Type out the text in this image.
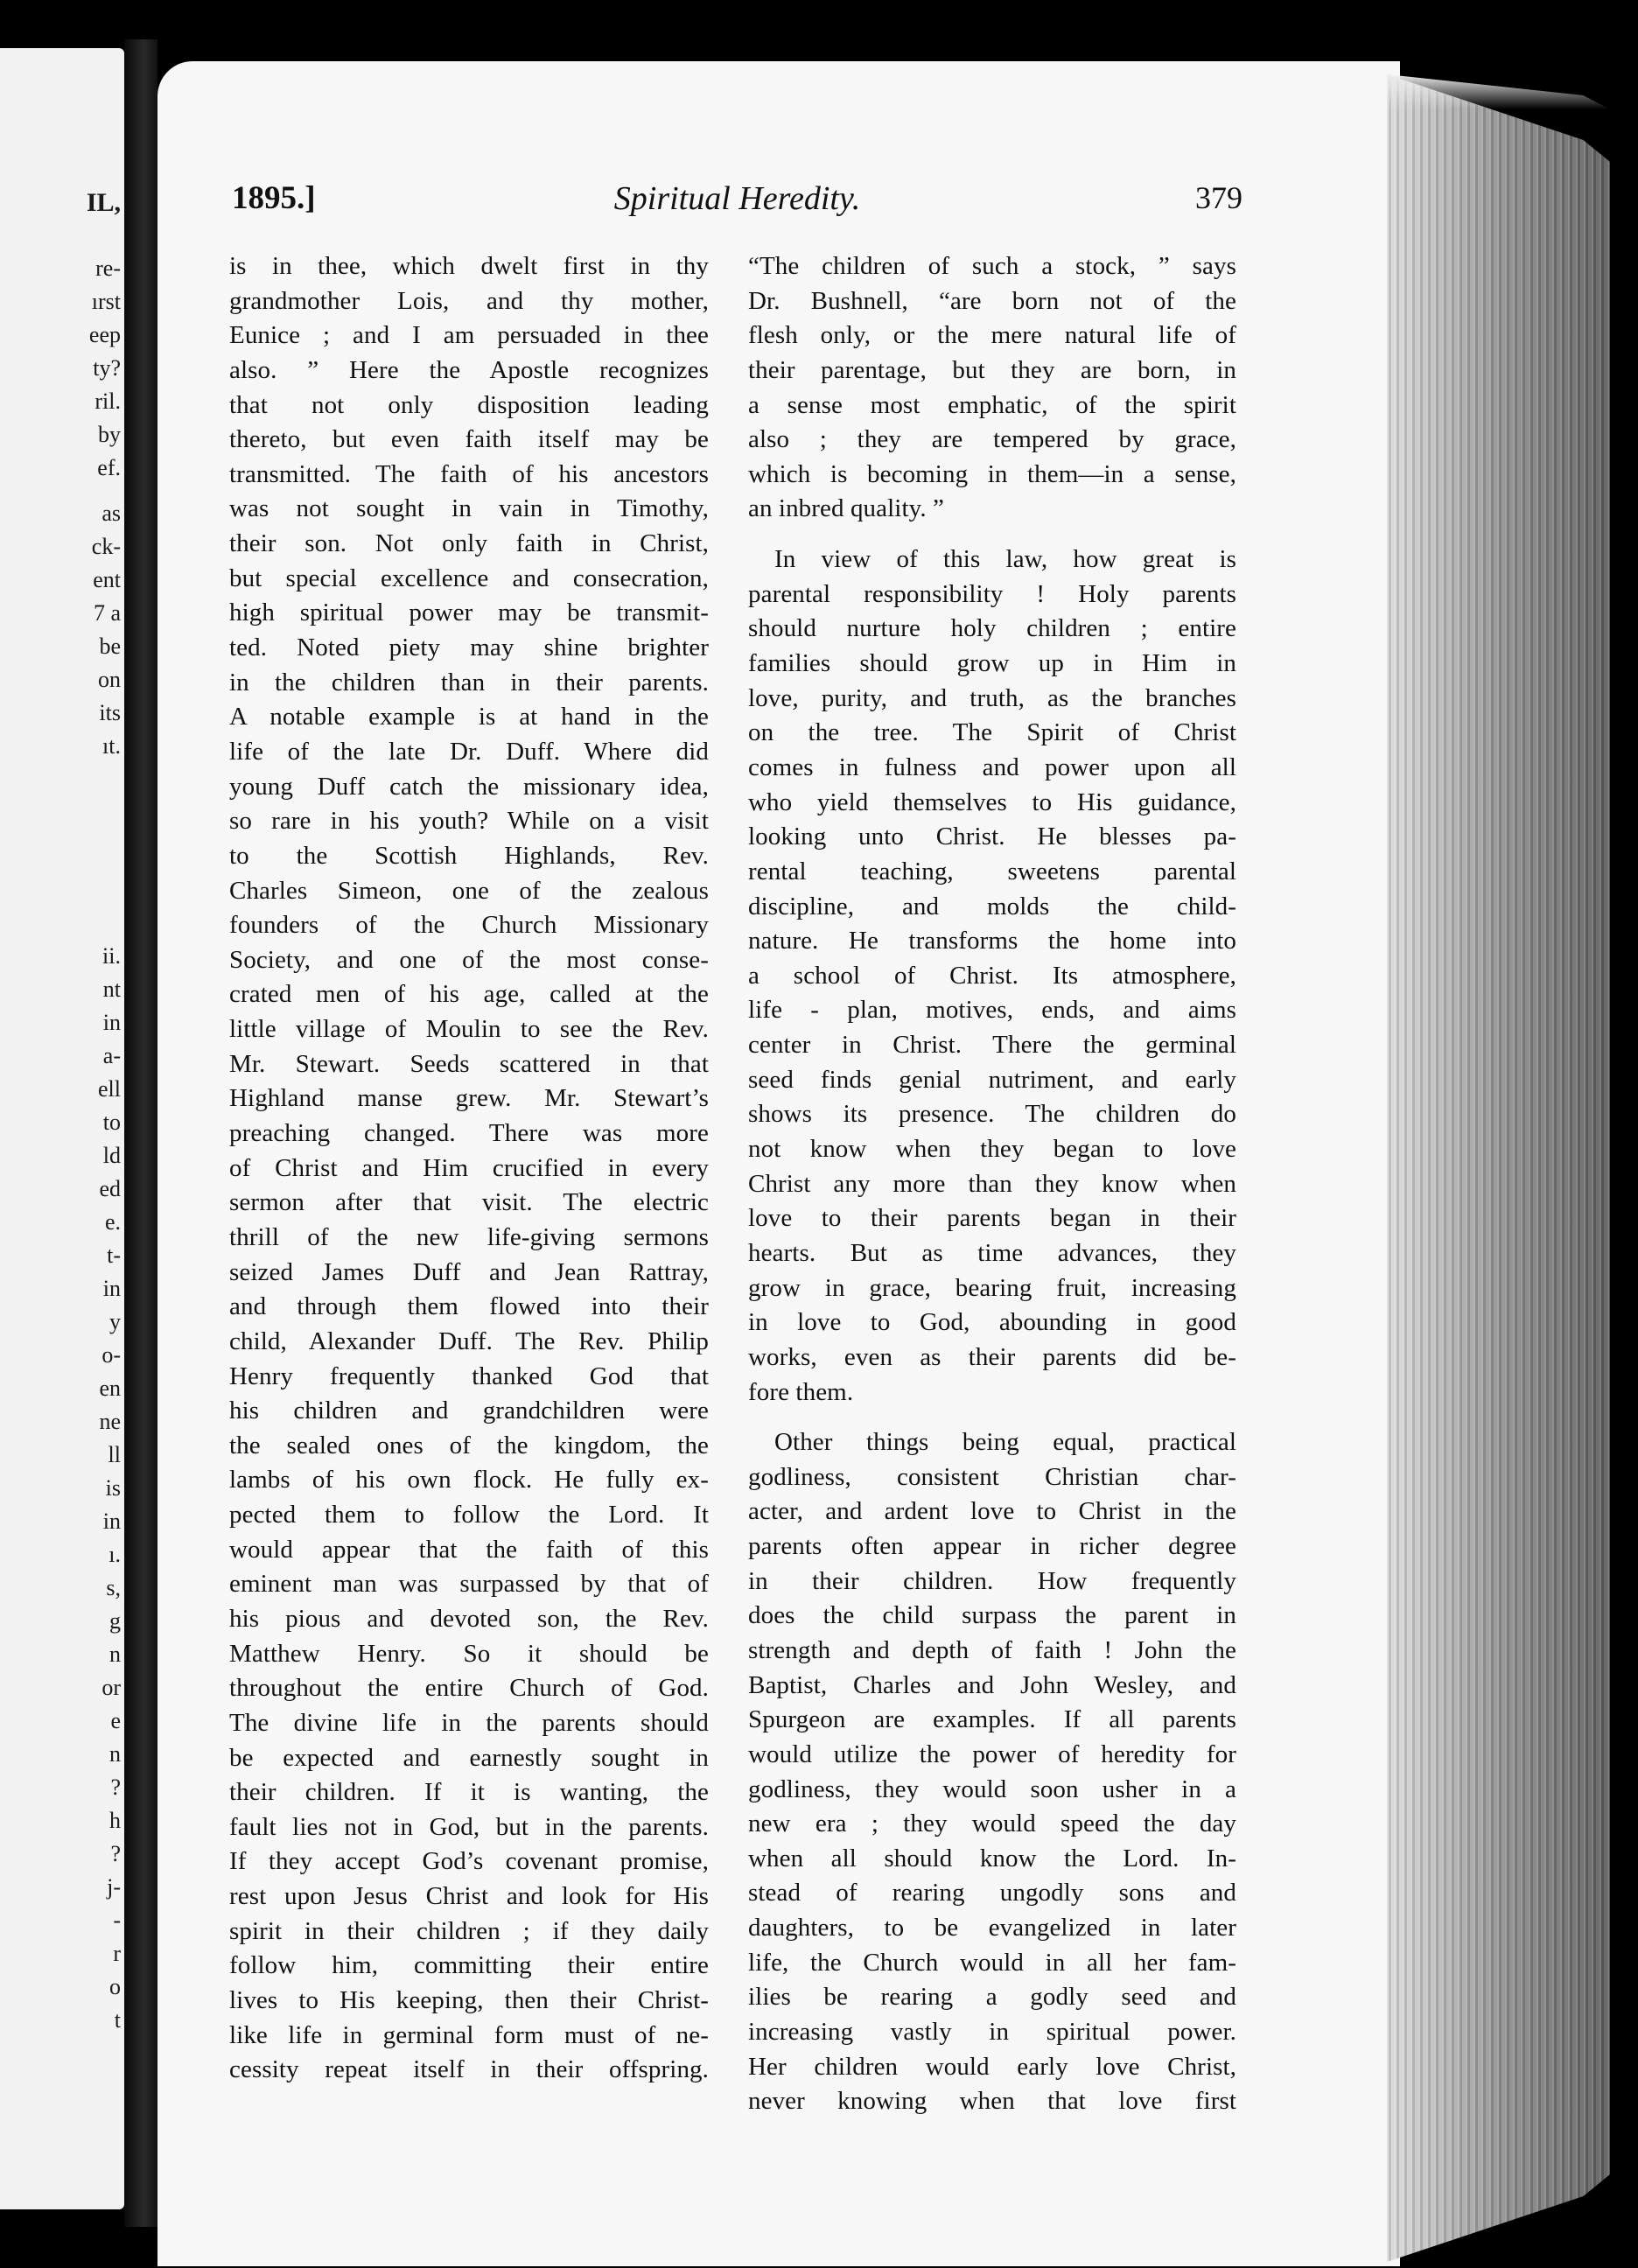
IL,
re-
ırst
eep
ty?
ril.
by
ef.
as
ck-
ent
7 a
be
on
its
ıt.
ii.
nt
in
a-
ell
to
ld
ed
e.
t-
in
y
o-
en
ne
ll
is
in
ı.
s,
g
n
or
e
n
?
h
?
j-
-
r
o
t
1895.]	Spiritual Heredity.	379
is in thee, which dwelt first in thy
grandmother Lois, and thy mother,
Eunice ; and I am persuaded in thee
also. ” Here the Apostle recognizes
that not only disposition leading
thereto, but even faith itself may be
transmitted. The faith of his ancestors
was not sought in vain in Timothy,
their son. Not only faith in Christ,
but special excellence and consecration,
high spiritual power may be transmit-
ted. Noted piety may shine brighter
in the children than in their parents.
A notable example is at hand in the
life of the late Dr. Duff. Where did
young Duff catch the missionary idea,
so rare in his youth? While on a visit
to the Scottish Highlands, Rev.
Charles Simeon, one of the zealous
founders of the Church Missionary
Society, and one of the most conse-
crated men of his age, called at the
little village of Moulin to see the Rev.
Mr. Stewart. Seeds scattered in that
Highland manse grew. Mr. Stewart’s
preaching changed. There was more
of Christ and Him crucified in every
sermon after that visit. The electric
thrill of the new life-giving sermons
seized James Duff and Jean Rattray,
and through them flowed into their
child, Alexander Duff. The Rev. Philip
Henry frequently thanked God that
his children and grandchildren were
the sealed ones of the kingdom, the
lambs of his own flock. He fully ex-
pected them to follow the Lord. It
would appear that the faith of this
eminent man was surpassed by that of
his pious and devoted son, the Rev.
Matthew Henry. So it should be
throughout the entire Church of God.
The divine life in the parents should
be expected and earnestly sought in
their children. If it is wanting, the
fault lies not in God, but in the parents.
If they accept God’s covenant promise,
rest upon Jesus Christ and look for His
spirit in their children ; if they daily
follow him, committing their entire
lives to His keeping, then their Christ-
like life in germinal form must of ne-
cessity repeat itself in their offspring.
“The children of such a stock, ” says
Dr. Bushnell, “are born not of the
flesh only, or the mere natural life of
their parentage, but they are born, in
a sense most emphatic, of the spirit
also ; they are tempered by grace,
which is becoming in them—in a sense,
an inbred quality. ”
In view of this law, how great is
parental responsibility ! Holy parents
should nurture holy children ; entire
families should grow up in Him in
love, purity, and truth, as the branches
on the tree. The Spirit of Christ
comes in fulness and power upon all
who yield themselves to His guidance,
looking unto Christ. He blesses pa-
rental teaching, sweetens parental
discipline, and molds the child-
nature. He transforms the home into
a school of Christ. Its atmosphere,
life - plan, motives, ends, and aims
center in Christ. There the germinal
seed finds genial nutriment, and early
shows its presence. The children do
not know when they began to love
Christ any more than they know when
love to their parents began in their
hearts. But as time advances, they
grow in grace, bearing fruit, increasing
in love to God, abounding in good
works, even as their parents did be-
fore them.
Other things being equal, practical
godliness, consistent Christian char-
acter, and ardent love to Christ in the
parents often appear in richer degree
in their children. How frequently
does the child surpass the parent in
strength and depth of faith ! John the
Baptist, Charles and John Wesley, and
Spurgeon are examples. If all parents
would utilize the power of heredity for
godliness, they would soon usher in a
new era ; they would speed the day
when all should know the Lord. In-
stead of rearing ungodly sons and
daughters, to be evangelized in later
life, the Church would in all her fam-
ilies be rearing a godly seed and
increasing vastly in spiritual power.
Her children would early love Christ,
never knowing when that love first
